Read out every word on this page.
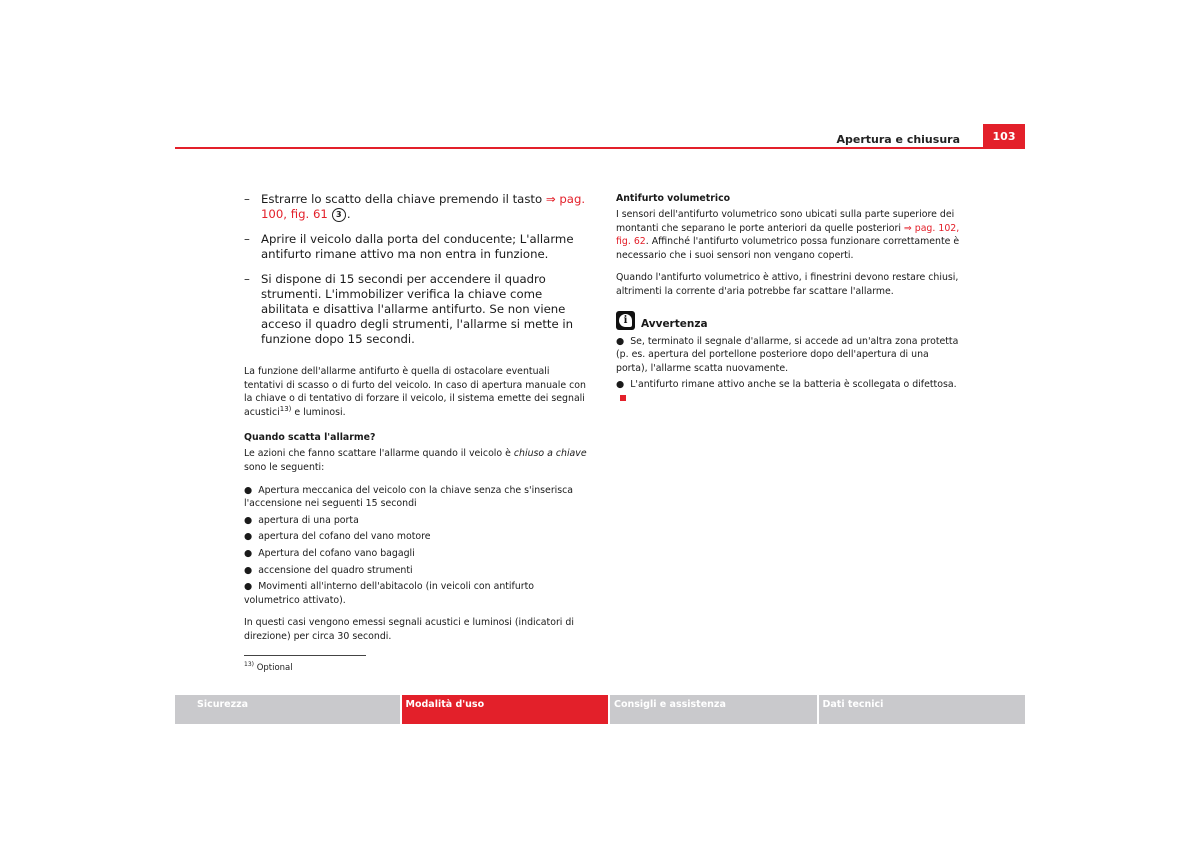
Apertura e chiusura	103
– Estrarre lo scatto della chiave premendo il tasto ⇒ pag. 100, fig. 61 3 .
– Aprire il veicolo dalla porta del conducente; L'allarme antifurto rimane attivo ma non entra in funzione.
– Si dispone di 15 secondi per accendere il quadro strumenti. L'immobilizer verifica la chiave come abilitata e disattiva l'allarme antifurto. Se non viene acceso il quadro degli strumenti, l'allarme si mette in funzione dopo 15 secondi.

La funzione dell'allarme antifurto è quella di ostacolare eventuali tentativi di scasso o di furto del veicolo. In caso di apertura manuale con la chiave o di tentativo di forzare il veicolo, il sistema emette dei segnali acustici$^{13)}$ e luminosi.

Quando scatta l'allarme?

Le azioni che fanno scattare l'allarme quando il veicolo è chiuso a chiave sono le seguenti:

● Apertura meccanica del veicolo con la chiave senza che s'inserisca l'accensione nei seguenti 15 secondi
● apertura di una porta
● apertura del cofano del vano motore
● Apertura del cofano vano bagagli
● accensione del quadro strumenti
● Movimenti all'interno dell'abitacolo (in veicoli con antifurto volumetrico attivato).

In questi casi vengono emessi segnali acustici e luminosi (indicatori di direzione) per circa 30 secondi.

Antifurto volumetrico

I sensori dell'antifurto volumetrico sono ubicati sulla parte superiore dei montanti che separano le porte anteriori da quelle posteriori ⇒ pag. 102, fig. 62. Affinché l'antifurto volumetrico possa funzionare correttamente è necessario che i suoi sensori non vengano coperti.

Quando l'antifurto volumetrico è attivo, i finestrini devono restare chiusi, altrimenti la corrente d'aria potrebbe far scattare l'allarme.

i	Avvertenza
● Se, terminato il segnale d'allarme, si accede ad un'altra zona protetta (p. es. apertura del portellone posteriore dopo dell'apertura di una porta), l'allarme scatta nuovamente.
● L'antifurto rimane attivo anche se la batteria è scollegata o difettosa.
$^{13)}$ Optional
Sicurezza	Modalità d'uso	Consigli e assistenza	Dati tecnici
